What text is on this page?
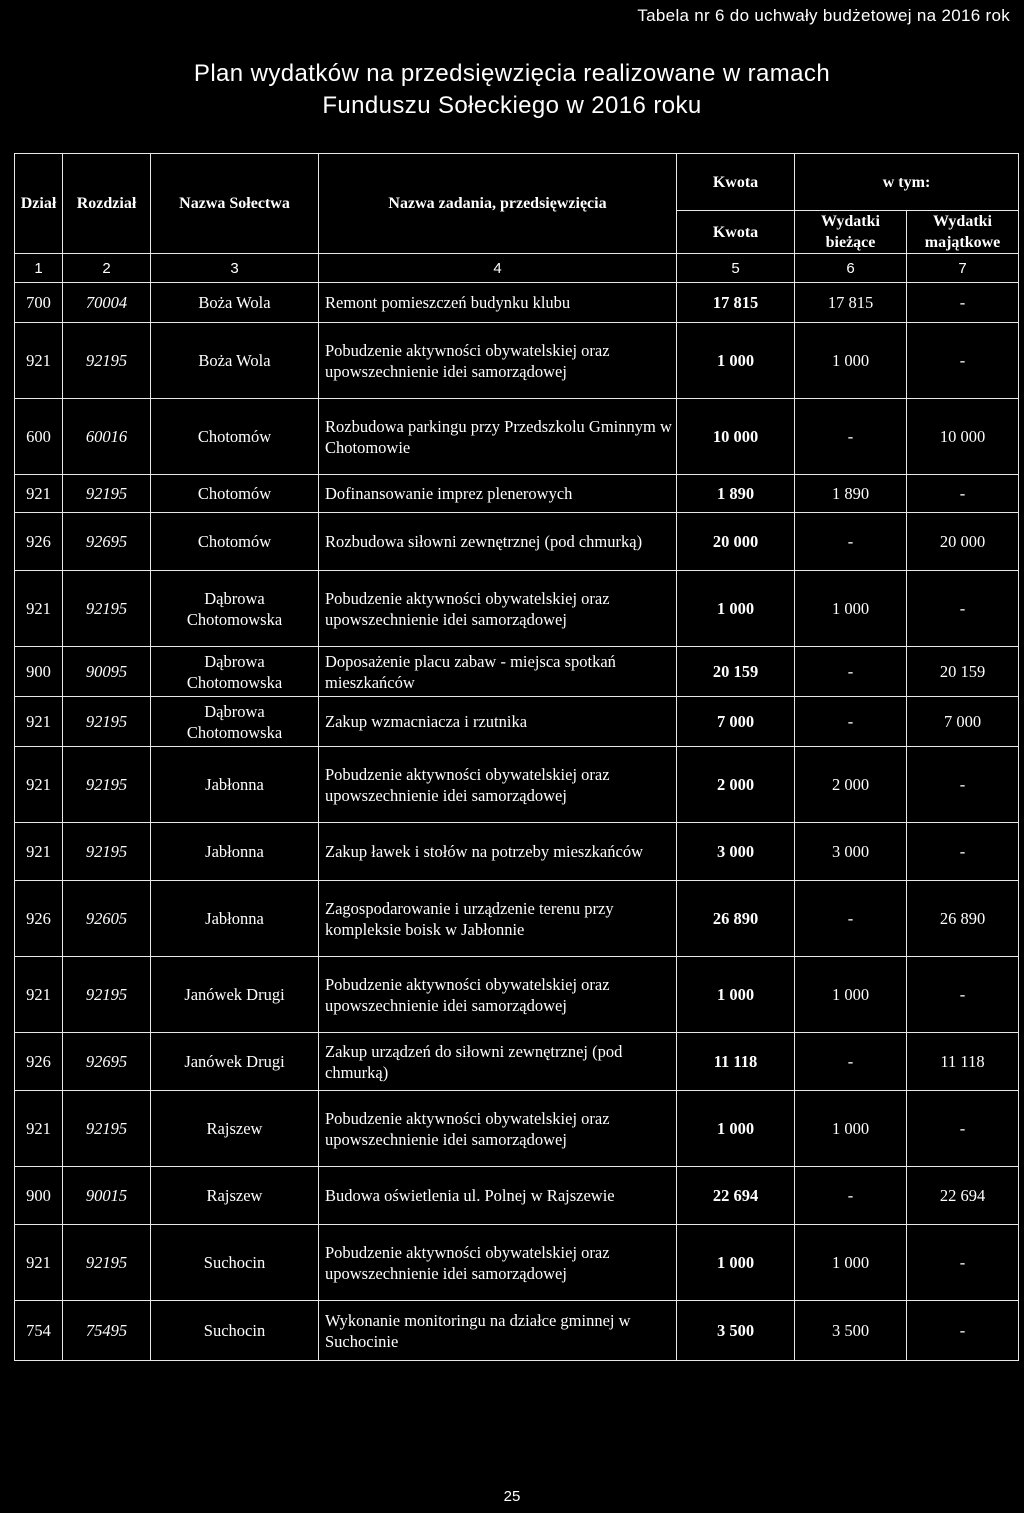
Tabela nr 6 do uchwały budżetowej na 2016 rok
Plan wydatków na przedsięwzięcia realizowane w ramach
Funduszu Sołeckiego w 2016 roku
Dział	Rozdział	Nazwa Sołectwa	Nazwa zadania, przedsięwzięcia	Kwota	w tym:	
				Kwota	Wydatki bieżące	Wydatki majątkowe
1	2	3	4	5	6	7
700	70004	Boża Wola	Remont pomieszczeń budynku klubu	17 815	17 815	-
921	92195	Boża Wola	Pobudzenie aktywności obywatelskiej oraz upowszechnienie idei samorządowej	1 000	1 000	-
600	60016	Chotomów	Rozbudowa parkingu przy Przedszkolu Gminnym w Chotomowie	10 000	-	10 000
921	92195	Chotomów	Dofinansowanie imprez plenerowych	1 890	1 890	-
926	92695	Chotomów	Rozbudowa siłowni zewnętrznej (pod chmurką)	20 000	-	20 000
921	92195	Dąbrowa Chotomowska	Pobudzenie aktywności obywatelskiej oraz upowszechnienie idei samorządowej	1 000	1 000	-
900	90095	Dąbrowa Chotomowska	Doposażenie placu zabaw - miejsca spotkań mieszkańców	20 159	-	20 159
921	92195	Dąbrowa Chotomowska	Zakup wzmacniacza i rzutnika	7 000	-	7 000
921	92195	Jabłonna	Pobudzenie aktywności obywatelskiej oraz upowszechnienie idei samorządowej	2 000	2 000	-
921	92195	Jabłonna	Zakup ławek i stołów na potrzeby mieszkańców	3 000	3 000	-
926	92605	Jabłonna	Zagospodarowanie i urządzenie terenu przy kompleksie boisk w Jabłonnie	26 890	-	26 890
921	92195	Janówek Drugi	Pobudzenie aktywności obywatelskiej oraz upowszechnienie idei samorządowej	1 000	1 000	-
926	92695	Janówek Drugi	Zakup urządzeń do siłowni zewnętrznej (pod chmurką)	11 118	-	11 118
921	92195	Rajszew	Pobudzenie aktywności obywatelskiej oraz upowszechnienie idei samorządowej	1 000	1 000	-
900	90015	Rajszew	Budowa oświetlenia ul. Polnej w Rajszewie	22 694	-	22 694
921	92195	Suchocin	Pobudzenie aktywności obywatelskiej oraz upowszechnienie idei samorządowej	1 000	1 000	-
754	75495	Suchocin	Wykonanie monitoringu na działce gminnej w Suchocinie	3 500	3 500	-
25
